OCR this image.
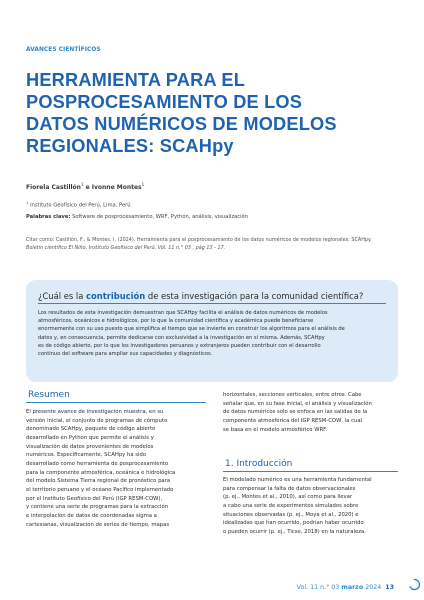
AVANCES CIENTÍFICOS
HERRAMIENTA PARA EL
POSPROCESAMIENTO DE LOS
DATOS NUMÉRICOS DE MODELOS
REGIONALES: SCAHpy
Fiorela Castillón$^1$ e Ivonne Montes$^1$
$^1$ Instituto Geofísico del Perú, Lima, Perú
Palabras clave: Software de posprocesamiento, WRF, Python, análisis, visualización
Citar como: Castillón, F., & Montes, I. (2024). Herramienta para el posprocesamiento de los datos numéricos de modelos regionales: SCAHpy.
Boletín científico El Niño, Instituto Geofísico del Perú, Vol. 11 n.° 03 , pág 13 - 17.
¿Cuál es la contribución de esta investigación para la comunidad científica?
Los resultados de esta investigación demuestran que SCAHpy facilita el análisis de datos numéricos de modelos
atmosféricos, oceánicos e hidrológicos, por lo que la comunidad científica y académica puede beneficiarse
enormemente con su uso puesto que simplifica el tiempo que se invierte en construir los algoritmos para el análisis de
datos y, en consecuencia, permite dedicarse con exclusividad a la investigación en sí misma. Además, SCAHpy
es de código abierto, por lo que los investigadores peruanos y extranjeros pueden contribuir con el desarrollo
continuo del software para ampliar sus capacidades y diagnósticos.
Resumen
El presente avance de investigación muestra, en su
versión inicial, el conjunto de programas de cómputo
denominado SCAHpy, paquete de código abierto
desarrollado en Python que permite el análisis y
visualización de datos provenientes de modelos
numéricos. Específicamente, SCAHpy ha sido
desarrollado como herramienta de posprocesamiento
para la componente atmosférica, oceánica e hidrológica
del modelo Sistema Tierra regional de pronóstico para
el territorio peruano y el océano Pacífico implementado
por el Instituto Geofísico del Perú (IGP RESM-COW),
y contiene una serie de programas para la extracción
e interpolación de datos de coordenadas sigma a
cartesianas, visualización de series de tiempo, mapas
horizontales, secciones verticales, entre otros. Cabe
señalar que, en su fase inicial, el análisis y visualización
de datos numéricos solo se enfoca en las salidas de la
componente atmosférica del IGP RESM-COW, la cual
se basa en el modelo atmosférico WRF.
1. Introducción
El modelado numérico es una herramienta fundamental
para compensar la falta de datos observacionales
(p. ej., Montes et al., 2010), así como para llevar
a cabo una serie de experimentos simulados sobre
situaciones observadas (p. ej., Moya et al., 2020) e
idealizadas que han ocurrido, podrían haber ocurrido
o pueden ocurrir (p. ej., Ticse, 2018) en la naturaleza.
Vol. 11 n.° 03 marzo 2024 13
